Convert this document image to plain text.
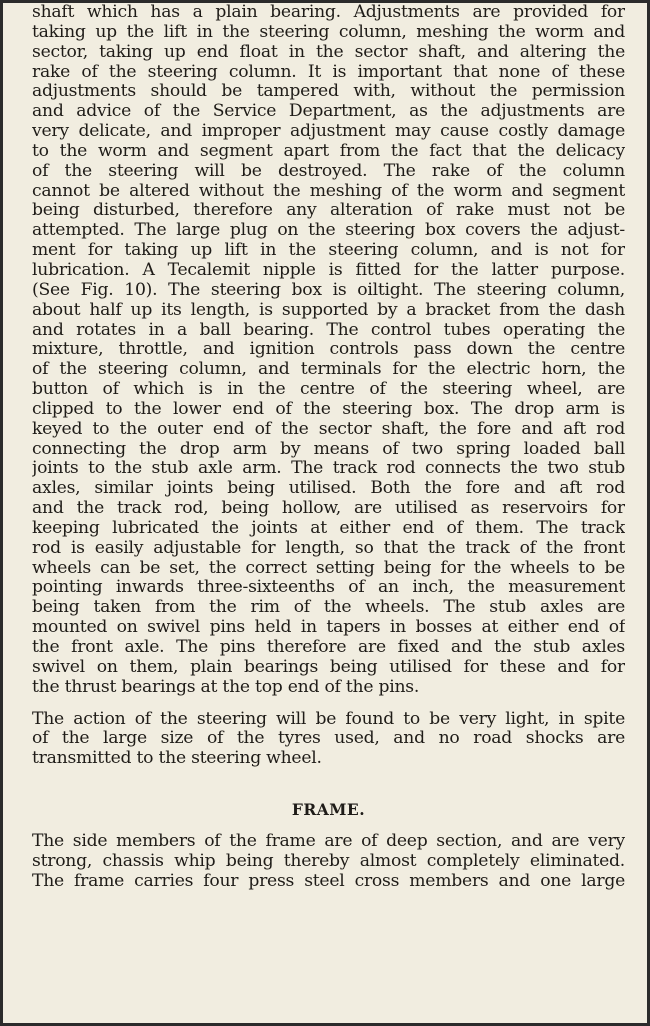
shaft which has a plain bearing. Adjustments are provided for
taking up the lift in the steering column, meshing the worm and
sector, taking up end float in the sector shaft, and altering the
rake of the steering column. It is important that none of these
adjustments should be tampered with, without the permission
and advice of the Service Department, as the adjustments are
very delicate, and improper adjustment may cause costly damage
to the worm and segment apart from the fact that the delicacy
of the steering will be destroyed. The rake of the column
cannot be altered without the meshing of the worm and segment
being disturbed, therefore any alteration of rake must not be
attempted. The large plug on the steering box covers the adjust-
ment for taking up lift in the steering column, and is not for
lubrication. A Tecalemit nipple is fitted for the latter purpose.
(See Fig. 10). The steering box is oiltight. The steering column,
about half up its length, is supported by a bracket from the dash
and rotates in a ball bearing. The control tubes operating the
mixture, throttle, and ignition controls pass down the centre
of the steering column, and terminals for the electric horn, the
button of which is in the centre of the steering wheel, are
clipped to the lower end of the steering box. The drop arm is
keyed to the outer end of the sector shaft, the fore and aft rod
connecting the drop arm by means of two spring loaded ball
joints to the stub axle arm. The track rod connects the two stub
axles, similar joints being utilised. Both the fore and aft rod
and the track rod, being hollow, are utilised as reservoirs for
keeping lubricated the joints at either end of them. The track
rod is easily adjustable for length, so that the track of the front
wheels can be set, the correct setting being for the wheels to be
pointing inwards three-sixteenths of an inch, the measurement
being taken from the rim of the wheels. The stub axles are
mounted on swivel pins held in tapers in bosses at either end of
the front axle. The pins therefore are fixed and the stub axles
swivel on them, plain bearings being utilised for these and for
the thrust bearings at the top end of the pins.

The action of the steering will be found to be very light, in spite
of the large size of the tyres used, and no road shocks are
transmitted to the steering wheel.

FRAME.

The side members of the frame are of deep section, and are very
strong, chassis whip being thereby almost completely eliminated.
The frame carries four press steel cross members and one large
